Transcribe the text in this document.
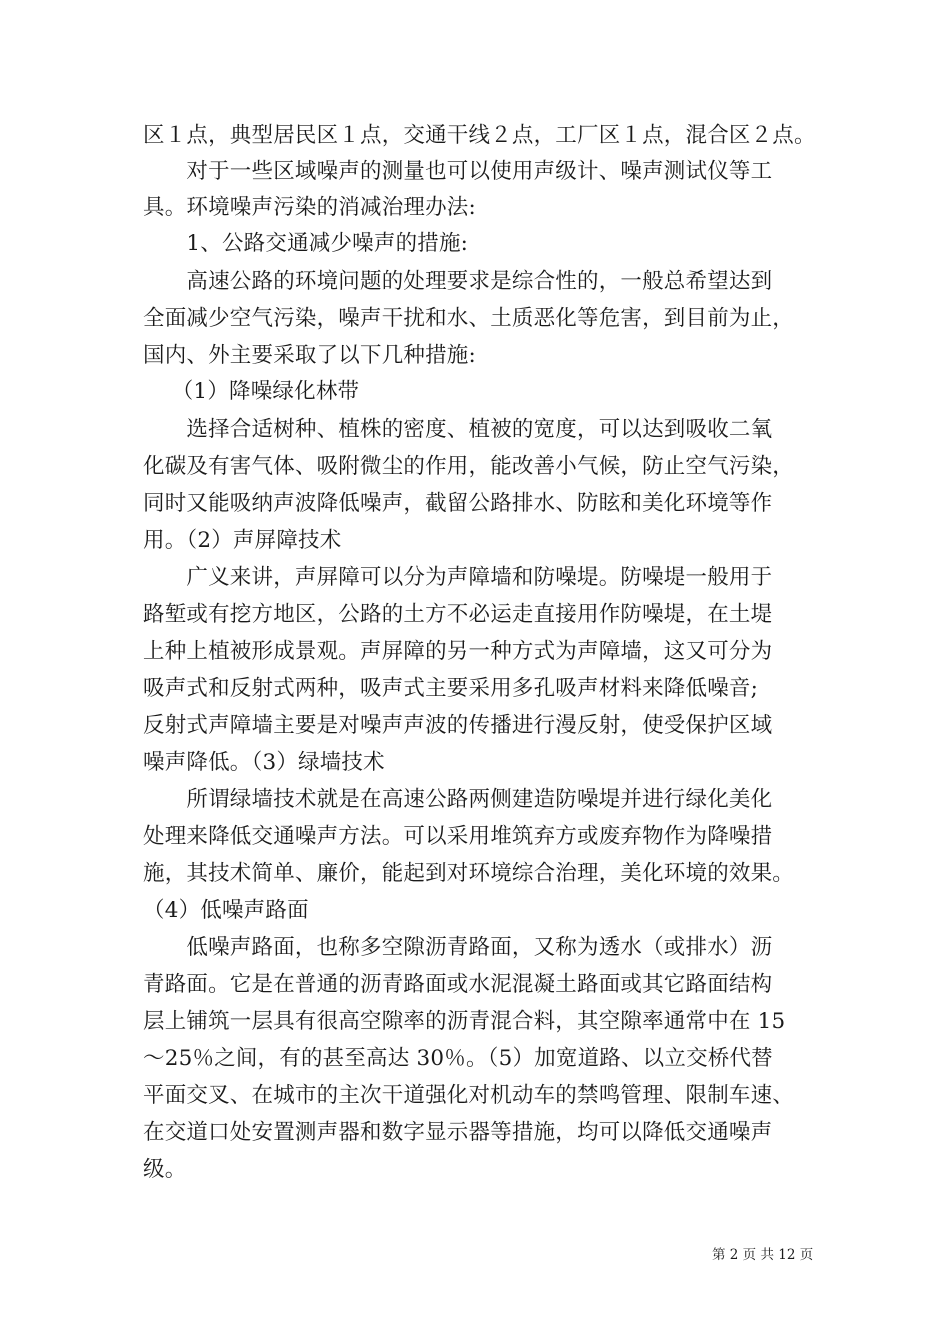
区１点，典型居民区１点，交通干线２点，工厂区１点，混合区２点。
　　对于一些区域噪声的测量也可以使用声级计、噪声测试仪等工
具。环境噪声污染的消减治理办法:
　　1、公路交通减少噪声的措施:
　　高速公路的环境问题的处理要求是综合性的，一般总希望达到
全面减少空气污染，噪声干扰和水、土质恶化等危害，到目前为止，
国内、外主要采取了以下几种措施:
　 （1）降噪绿化林带
　　选择合适树种、植株的密度、植被的宽度，可以达到吸收二氧
化碳及有害气体、吸附微尘的作用，能改善小气候，防止空气污染，
同时又能吸纳声波降低噪声，截留公路排水、防眩和美化环境等作
用。（2）声屏障技术
　　广义来讲，声屏障可以分为声障墙和防噪堤。防噪堤一般用于
路堑或有挖方地区，公路的土方不必运走直接用作防噪堤，在土堤
上种上植被形成景观。声屏障的另一种方式为声障墙，这又可分为
吸声式和反射式两种，吸声式主要采用多孔吸声材料来降低噪音;
反射式声障墙主要是对噪声声波的传播进行漫反射，使受保护区域
噪声降低。（3）绿墙技术
　　所谓绿墙技术就是在高速公路两侧建造防噪堤并进行绿化美化
处理来降低交通噪声方法。可以采用堆筑弃方或废弃物作为降噪措
施，其技术简单、廉价，能起到对环境综合治理，美化环境的效果。
（4）低噪声路面
　　低噪声路面，也称多空隙沥青路面，又称为透水（或排水）沥
青路面。它是在普通的沥青路面或水泥混凝土路面或其它路面结构
层上铺筑一层具有很高空隙率的沥青混合料，其空隙率通常中在 15
～25％之间，有的甚至高达 30％。（5）加宽道路、以立交桥代替
平面交叉、在城市的主次干道强化对机动车的禁鸣管理、限制车速、
在交道口处安置测声器和数字显示器等措施，均可以降低交通噪声
级。
第 2 页 共 12 页
